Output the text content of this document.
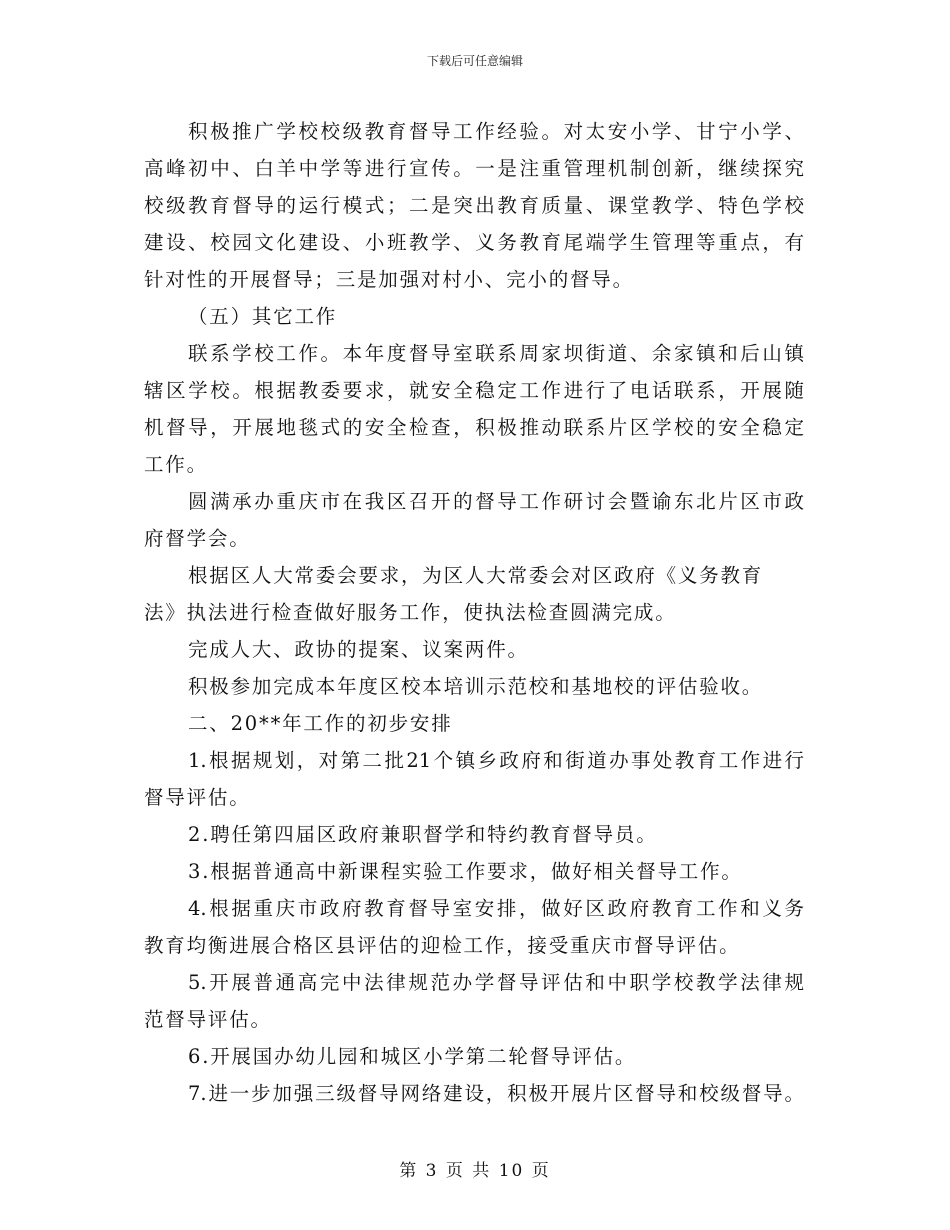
下载后可任意编辑
积极推广学校校级教育督导工作经验。对太安小学、甘宁小学、
高峰初中、白羊中学等进行宣传。一是注重管理机制创新，继续探究
校级教育督导的运行模式；二是突出教育质量、课堂教学、特色学校
建设、校园文化建设、小班教学、义务教育尾端学生管理等重点，有
针对性的开展督导；三是加强对村小、完小的督导。
（五）其它工作
联系学校工作。本年度督导室联系周家坝街道、余家镇和后山镇
辖区学校。根据教委要求，就安全稳定工作进行了电话联系，开展随
机督导，开展地毯式的安全检查，积极推动联系片区学校的安全稳定
工作。
圆满承办重庆市在我区召开的督导工作研讨会暨谕东北片区市政
府督学会。
根据区人大常委会要求，为区人大常委会对区政府《义务教育
法》执法进行检查做好服务工作，使执法检查圆满完成。
完成人大、政协的提案、议案两件。
积极参加完成本年度区校本培训示范校和基地校的评估验收。
二、20**年工作的初步安排
1.根据规划，对第二批21个镇乡政府和街道办事处教育工作进行
督导评估。
2.聘任第四届区政府兼职督学和特约教育督导员。
3.根据普通高中新课程实验工作要求，做好相关督导工作。
4.根据重庆市政府教育督导室安排，做好区政府教育工作和义务
教育均衡进展合格区县评估的迎检工作，接受重庆市督导评估。
5.开展普通高完中法律规范办学督导评估和中职学校教学法律规
范督导评估。
6.开展国办幼儿园和城区小学第二轮督导评估。
7.进一步加强三级督导网络建设，积极开展片区督导和校级督导。
第 3 页 共 10 页
